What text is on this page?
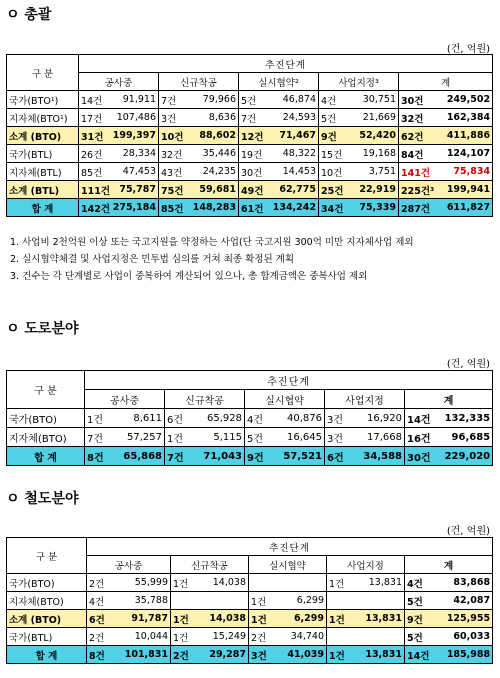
ㅇ 총괄
(건, 억원)
구 분	추진단계									
	공사중		신규착공		실시협약²		사업지정³		계	
국가(BTO¹)	14건	91,911	7건	79,966	5건	46,874	4건	30,751	30건	249,502
지자체(BTO¹)	17건	107,486	3건	8,636	7건	24,593	5건	21,669	32건	162,384
소계 (BTO)	31건	199,397	10건	88,602	12건	71,467	9건	52,420	62건	411,886
국가(BTL)	26건	28,334	32건	35,446	19건	48,322	15건	19,168	84건	124,107
지자체(BTL)	85건	47,453	43건	24,235	30건	14,453	10건	3,751	141건	75,834
소계 (BTL)	111건	75,787	75건	59,681	49건	62,775	25건	22,919	225건³	199,941
합 계	142건	275,184	85건	148,283	61건	134,242	34건	75,339	287건	611,827
1. 사업비 2천억원 이상 또는 국고지원을 약정하는 사업(단 국고지원 300억 미만 지자체사업 제외
2. 실시협약체결 및 사업지정은 민투법 심의를 거쳐 최종 확정된 계획
3. 건수는 각 단계별로 사업이 중복하여 계산되어 있으나, 총 합계금액은 중복사업 제외
ㅇ 도로분야
(건, 억원)
구 분	추진단계									
	공사중		신규착공		실시협약		사업지정		계	
국가(BTO)	1건	8,611	6건	65,928	4건	40,876	3건	16,920	14건	132,335
지자체(BTO)	7건	57,257	1건	5,115	5건	16,645	3건	17,668	16건	96,685
합 계	8건	65,868	7건	71,043	9건	57,521	6건	34,588	30건	229,020
ㅇ 철도분야
(건, 억원)
구 분	추진단계									
	공사중		신규착공		실시협약		사업지정		계	
국가(BTO)	2건	55,999	1건	14,038			1건	13,831	4건	83,868
지자체(BTO)	4건	35,788			1건	6,299			5건	42,087
소계 (BTO)	6건	91,787	1건	14,038	1건	6,299	1건	13,831	9건	125,955
국가(BTL)	2건	10,044	1건	15,249	2건	34,740			5건	60,033
합 계	8건	101,831	2건	29,287	3건	41,039	1건	13,831	14건	185,988
